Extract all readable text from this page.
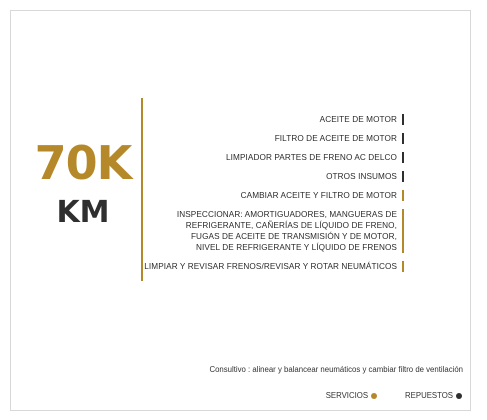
70K
KM
ACEITE DE MOTOR
FILTRO DE ACEITE DE MOTOR
LIMPIADOR PARTES DE FRENO AC DELCO
OTROS INSUMOS
CAMBIAR ACEITE Y FILTRO DE MOTOR
INSPECCIONAR: AMORTIGUADORES, MANGUERAS DE
REFRIGERANTE, CAÑERÍAS DE LÍQUIDO DE FRENO,
FUGAS DE ACEITE DE TRANSMISIÓN Y DE MOTOR,
NIVEL DE REFRIGERANTE Y LÍQUIDO DE FRENOS
LIMPIAR Y REVISAR FRENOS/REVISAR Y ROTAR NEUMÁTICOS
Consultivo : alinear y balancear neumáticos y cambiar filtro de ventilación
SERVICIOS	REPUESTOS
